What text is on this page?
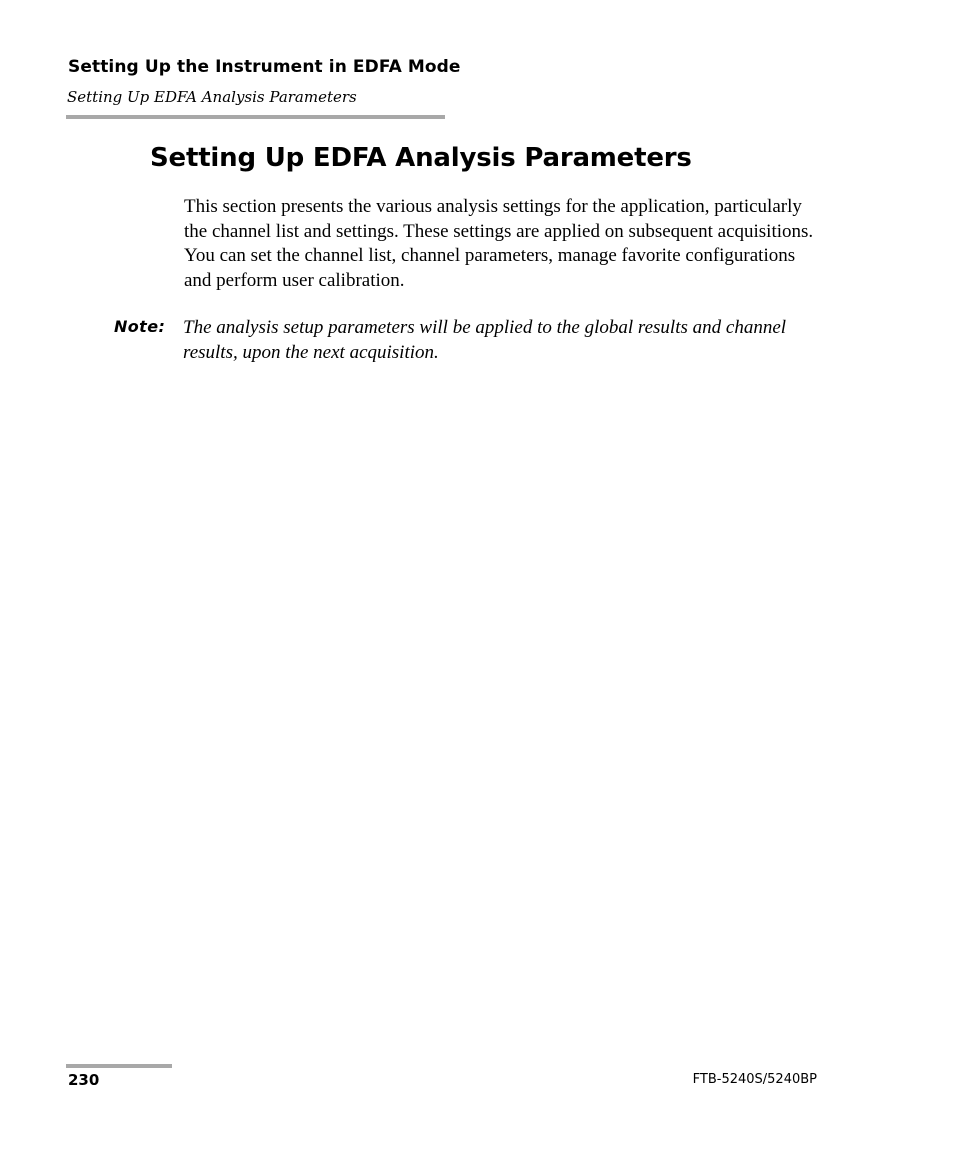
Setting Up the Instrument in EDFA Mode
Setting Up EDFA Analysis Parameters
Setting Up EDFA Analysis Parameters

This section presents the various analysis settings for the application, particularly the channel list and settings. These settings are applied on subsequent acquisitions. You can set the channel list, channel parameters, manage favorite configurations and perform user calibration.

Note: The analysis setup parameters will be applied to the global results and channel results, upon the next acquisition.

230	FTB-5240S/5240BP
